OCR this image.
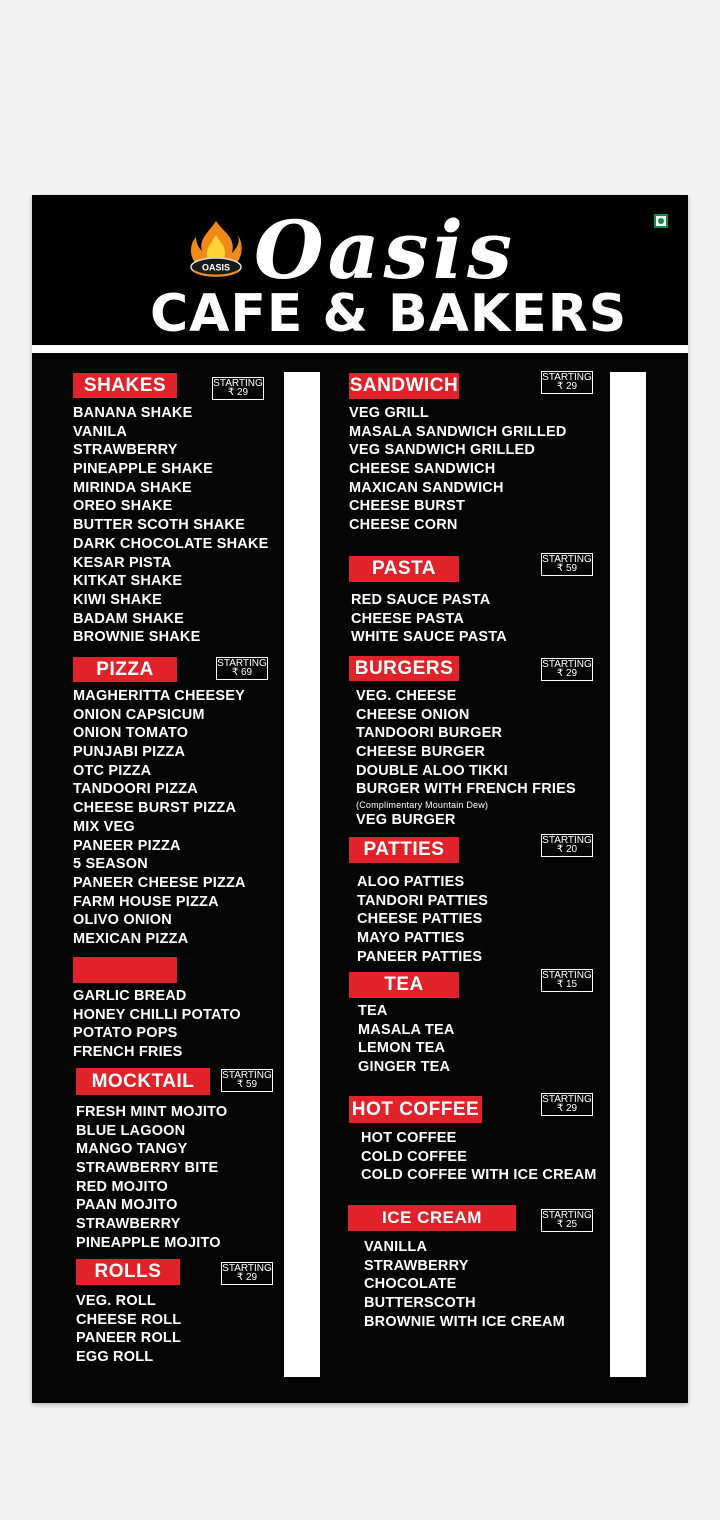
OASIS Oasis
CAFE & BAKERS
SHAKES	STARTING
₹ 29
BANANA SHAKE
VANILA
STRAWBERRY
PINEAPPLE SHAKE
MIRINDA SHAKE
OREO SHAKE
BUTTER SCOTH SHAKE
DARK CHOCOLATE SHAKE
KESAR PISTA
KITKAT SHAKE
KIWI SHAKE
BADAM SHAKE
BROWNIE SHAKE
PIZZA	STARTING
₹ 69
MAGHERITTA CHEESEY
ONION CAPSICUM
ONION TOMATO
PUNJABI PIZZA
OTC PIZZA
TANDOORI PIZZA
CHEESE BURST PIZZA
MIX VEG
PANEER PIZZA
5 SEASON
PANEER CHEESE PIZZA
FARM HOUSE PIZZA
OLIVO ONION
MEXICAN PIZZA
GARLIC BREAD
HONEY CHILLI POTATO
POTATO POPS
FRENCH FRIES
MOCKTAIL	STARTING
₹ 59
FRESH MINT MOJITO
BLUE LAGOON
MANGO TANGY
STRAWBERRY BITE
RED MOJITO
PAAN MOJITO
STRAWBERRY
PINEAPPLE MOJITO
ROLLS	STARTING
₹ 29
VEG. ROLL
CHEESE ROLL
PANEER ROLL
EGG ROLL
SANDWICH	STARTING
₹ 29
VEG GRILL
MASALA SANDWICH GRILLED
VEG SANDWICH GRILLED
CHEESE SANDWICH
MAXICAN SANDWICH
CHEESE BURST
CHEESE CORN
PASTA	STARTING
₹ 59
RED SAUCE PASTA
CHEESE PASTA
WHITE SAUCE PASTA
BURGERS	STARTING
₹ 29
VEG. CHEESE
CHEESE ONION
TANDOORI BURGER
CHEESE BURGER
DOUBLE ALOO TIKKI
BURGER WITH FRENCH FRIES
(Complimentary Mountain Dew)
VEG BURGER
PATTIES	STARTING
₹ 20
ALOO PATTIES
TANDORI PATTIES
CHEESE PATTIES
MAYO PATTIES
PANEER PATTIES
TEA	STARTING
₹ 15
TEA
MASALA TEA
LEMON TEA
GINGER TEA
HOT COFFEE	STARTING
₹ 29
HOT COFFEE
COLD COFFEE
COLD COFFEE WITH ICE CREAM
ICE CREAM	STARTING
₹ 25
VANILLA
STRAWBERRY
CHOCOLATE
BUTTERSCOTH
BROWNIE WITH ICE CREAM
